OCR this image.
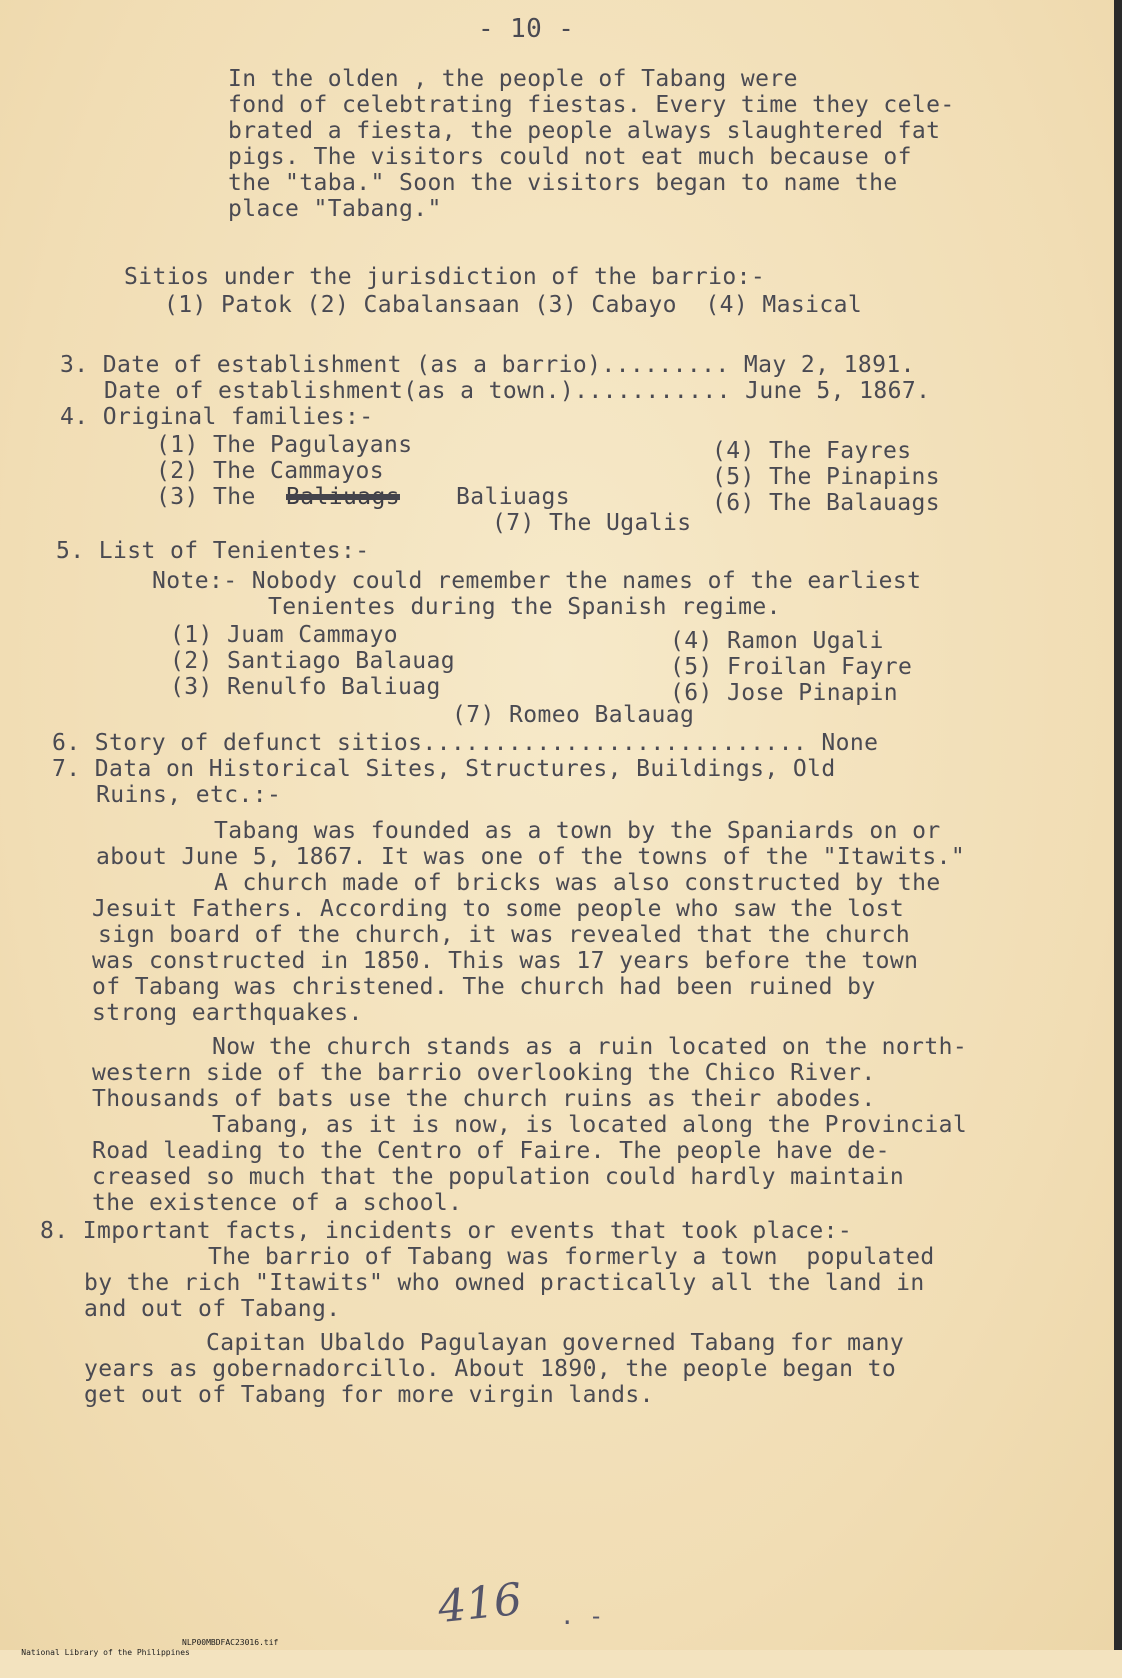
- 10 -
In the olden , the people of Tabang were
fond of celebtrating fiestas. Every time they cele-
brated a fiesta, the people always slaughtered fat
pigs. The visitors could not eat much because of
the "taba." Soon the visitors began to name the
place "Tabang."
Sitios under the jurisdiction of the barrio:-
(1) Patok (2) Cabalansaan (3) Cabayo  (4) Masical
3. Date of establishment (as a barrio)......... May 2, 1891.
Date of establishment(as a town.)........... June 5, 1867.
4. Original families:-
(1) The Pagulayans
(2) The Cammayos
(3) The Baliuags Baliuags
(4) The Fayres
(5) The Pinapins
(6) The Balauags
(7) The Ugalis
5. List of Tenientes:-
Note:- Nobody could remember the names of the earliest
Tenientes during the Spanish regime.
(1) Juam Cammayo
(2) Santiago Balauag
(3) Renulfo Baliuag
(4) Ramon Ugali
(5) Froilan Fayre
(6) Jose Pinapin
(7) Romeo Balauag
6. Story of defunct sitios........................... None
7. Data on Historical Sites, Structures, Buildings, Old
Ruins, etc.:-
Tabang was founded as a town by the Spaniards on or
about June 5, 1867. It was one of the towns of the "Itawits."
A church made of bricks was also constructed by the
Jesuit Fathers. According to some people who saw the lost
sign board of the church, it was revealed that the church
was constructed in 1850. This was 17 years before the town
of Tabang was christened. The church had been ruined by
strong earthquakes.
Now the church stands as a ruin located on the north-
western side of the barrio overlooking the Chico River.
Thousands of bats use the church ruins as their abodes.
Tabang, as it is now, is located along the Provincial
Road leading to the Centro of Faire. The people have de-
creased so much that the population could hardly maintain
the existence of a school.
8. Important facts, incidents or events that took place:-
The barrio of Tabang was formerly a town  populated
by the rich "Itawits" who owned practically all the land in
and out of Tabang.
Capitan Ubaldo Pagulayan governed Tabang for many
years as gobernadorcillo. About 1890, the people began to
get out of Tabang for more virgin lands.
416 . -

National Library of the Philippines

NLP00MBDFAC23016.tif
